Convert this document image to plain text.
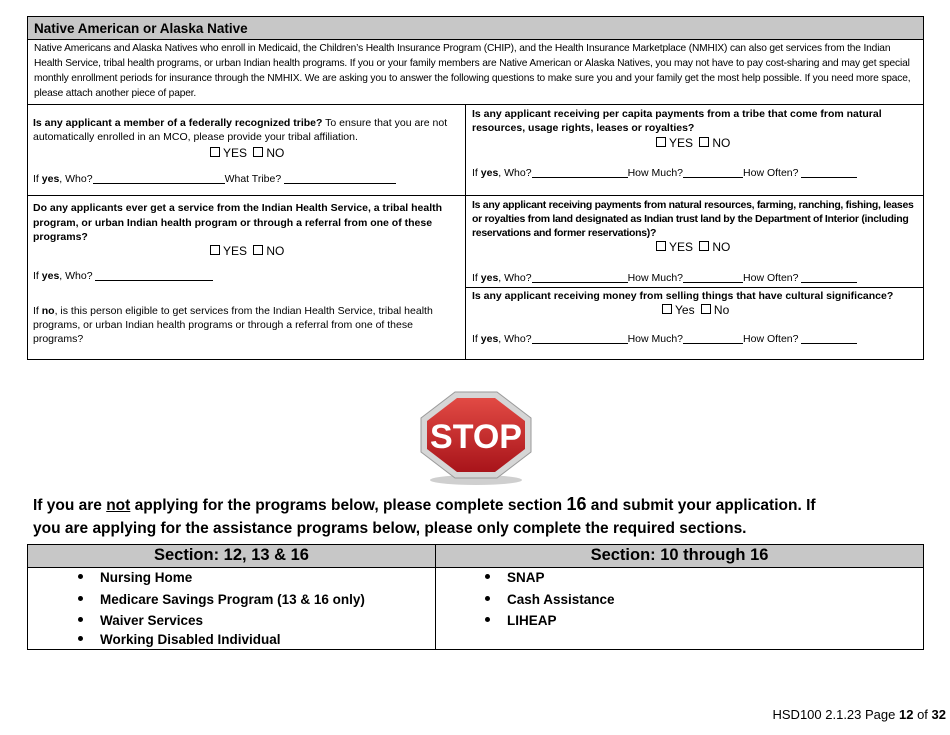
Native American or Alaska Native
Native Americans and Alaska Natives who enroll in Medicaid, the Children’s Health Insurance Program (CHIP), and the Health Insurance Marketplace (NMHIX) can also get services from the Indian Health Service, tribal health programs, or urban Indian health programs. If you or your family members are Native American or Alaska Natives, you may not have to pay cost-sharing and may get special monthly enrollment periods for insurance through the NMHIX. We are asking you to answer the following questions to make sure you and your family get the most help possible. If you need more space, please attach another piece of paper.
Is any applicant a member of a federally recognized tribe? To ensure that you are not automatically enrolled in an MCO, please provide your tribal affiliation.
YES NO
If yes, Who?	What Tribe?
Is any applicant receiving per capita payments from a tribe that come from natural resources, usage rights, leases or royalties?
YES NO
If yes, Who?	How Much?	How Often?
Do any applicants ever get a service from the Indian Health Service, a tribal health program, or urban Indian health program or through a referral from one of these programs?
YES NO
If yes, Who?
If no, is this person eligible to get services from the Indian Health Service, tribal health programs, or urban Indian health programs or through a referral from one of these programs?
Is any applicant receiving payments from natural resources, farming, ranching, fishing, leases or royalties from land designated as Indian trust land by the Department of Interior (including reservations and former reservations)?
YES NO
If yes, Who?	How Much?	How Often?
Is any applicant receiving money from selling things that have cultural significance?
Yes No
If yes, Who?	How Much?	How Often?
STOP
If you are not applying for the programs below, please complete section 16 and submit your application. If
you are applying for the assistance programs below, please only complete the required sections.
Section: 12, 13 & 16	Section: 10 through 16
Nursing Home
Medicare Savings Program (13 & 16 only)
Waiver Services
Working Disabled Individual
SNAP
Cash Assistance
LIHEAP
HSD100 2.1.23 Page 12 of 32
